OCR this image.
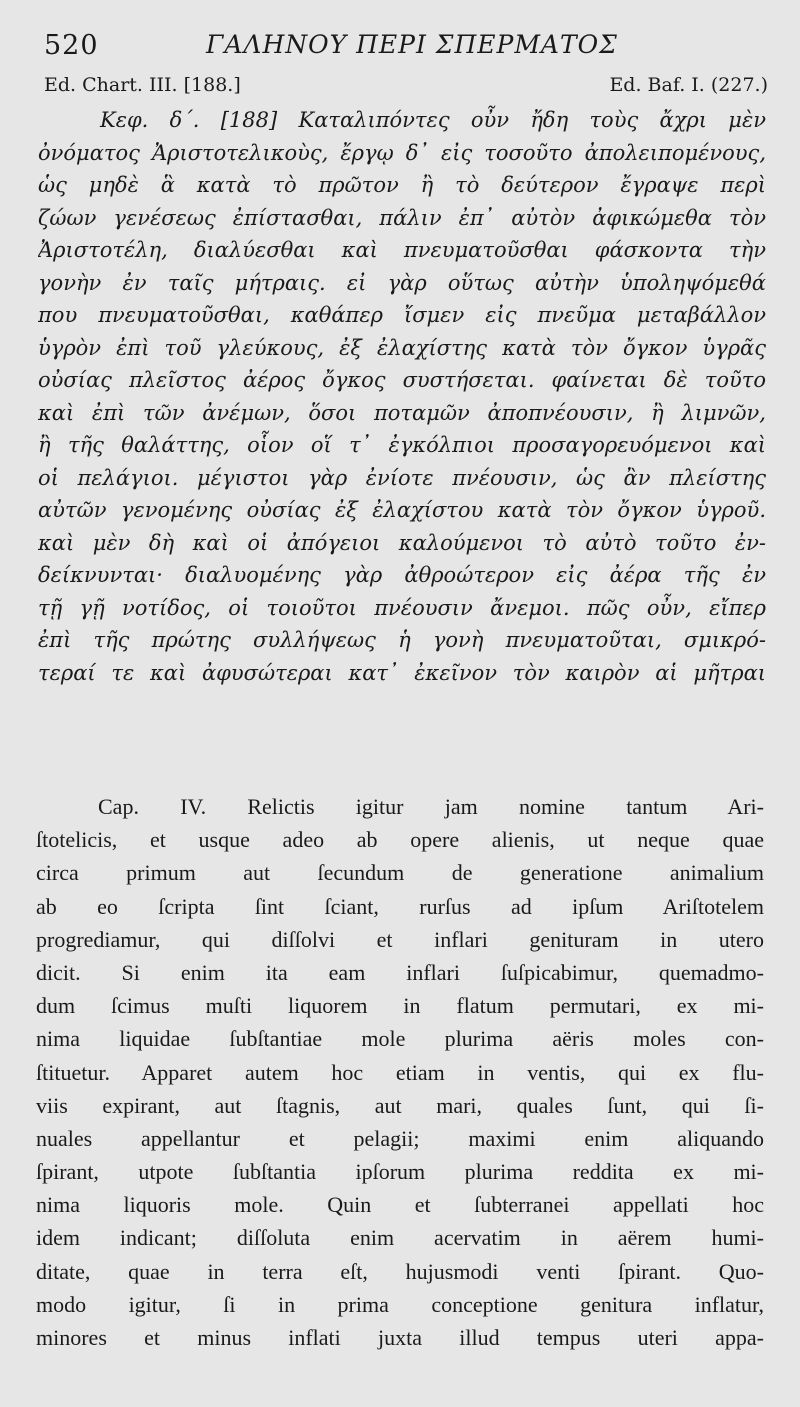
520	ΓΑΛΗΝΟΥ ΠΕΡΙ ΣΠΕΡΜΑΤΟΣ
Ed. Chart. III. [188.]	Ed. Baf. I. (227.)
Κεφ. δ΄. [188] Καταλιπόντες οὖν ἤδη τοὺς ἄχρι μὲν
ὀνόματος Ἀριστοτελικοὺς, ἔργῳ δ᾽ εἰς τοσοῦτο ἀπολειπομένους,
ὡς μηδὲ ἃ κατὰ τὸ πρῶτον ἢ τὸ δεύτερον ἔγραψε περὶ
ζώων γενέσεως ἐπίστασθαι, πάλιν ἐπ᾽ αὐτὸν ἀφικώμεθα τὸν
Ἀριστοτέλη, διαλύεσθαι καὶ πνευματοῦσθαι φάσκοντα τὴν
γονὴν ἐν ταῖς μήτραις. εἰ γὰρ οὕτως αὐτὴν ὑποληψόμεθά
που πνευματοῦσθαι, καθάπερ ἴσμεν εἰς πνεῦμα μεταβάλλον
ὑγρὸν ἐπὶ τοῦ γλεύκους, ἐξ ἐλαχίστης κατὰ τὸν ὄγκον ὑγρᾶς
οὐσίας πλεῖστος ἀέρος ὄγκος συστήσεται. φαίνεται δὲ τοῦτο
καὶ ἐπὶ τῶν ἀνέμων, ὅσοι ποταμῶν ἀποπνέουσιν, ἢ λιμνῶν,
ἢ τῆς θαλάττης, οἷον οἵ τ᾽ ἐγκόλπιοι προσαγορευόμενοι καὶ
οἱ πελάγιοι. μέγιστοι γὰρ ἐνίοτε πνέουσιν, ὡς ἂν πλείστης
αὐτῶν γενομένης οὐσίας ἐξ ἐλαχίστου κατὰ τὸν ὄγκον ὑγροῦ.
καὶ μὲν δὴ καὶ οἱ ἀπόγειοι καλούμενοι τὸ αὐτὸ τοῦτο ἐν-
δείκνυνται· διαλυομένης γὰρ ἀθροώτερον εἰς ἀέρα τῆς ἐν
τῇ γῇ νοτίδος, οἱ τοιοῦτοι πνέουσιν ἄνεμοι. πῶς οὖν, εἴπερ
ἐπὶ τῆς πρώτης συλλήψεως ἡ γονὴ πνευματοῦται, σμικρό-
τεραί τε καὶ ἀφυσώτεραι κατ᾽ ἐκεῖνον τὸν καιρὸν αἱ μῆτραι
Cap. IV. Relictis igitur jam nomine tantum Ari-
ſtotelicis, et usque adeo ab opere alienis, ut neque quae
circa primum aut ſecundum de generatione animalium
ab eo ſcripta ſint ſciant, rurſus ad ipſum Ariſtotelem
progrediamur, qui diſſolvi et inflari genituram in utero
dicit. Si enim ita eam inflari ſuſpicabimur, quemadmo-
dum ſcimus muſti liquorem in flatum permutari, ex mi-
nima liquidae ſubſtantiae mole plurima aëris moles con-
ſtituetur. Apparet autem hoc etiam in ventis, qui ex flu-
viis expirant, aut ſtagnis, aut mari, quales ſunt, qui ſi-
nuales appellantur et pelagii; maximi enim aliquando
ſpirant, utpote ſubſtantia ipſorum plurima reddita ex mi-
nima liquoris mole. Quin et ſubterranei appellati hoc
idem indicant; diſſoluta enim acervatim in aërem humi-
ditate, quae in terra eſt, hujusmodi venti ſpirant. Quo-
modo igitur, ſi in prima conceptione genitura inflatur,
minores et minus inflati juxta illud tempus uteri appa-
